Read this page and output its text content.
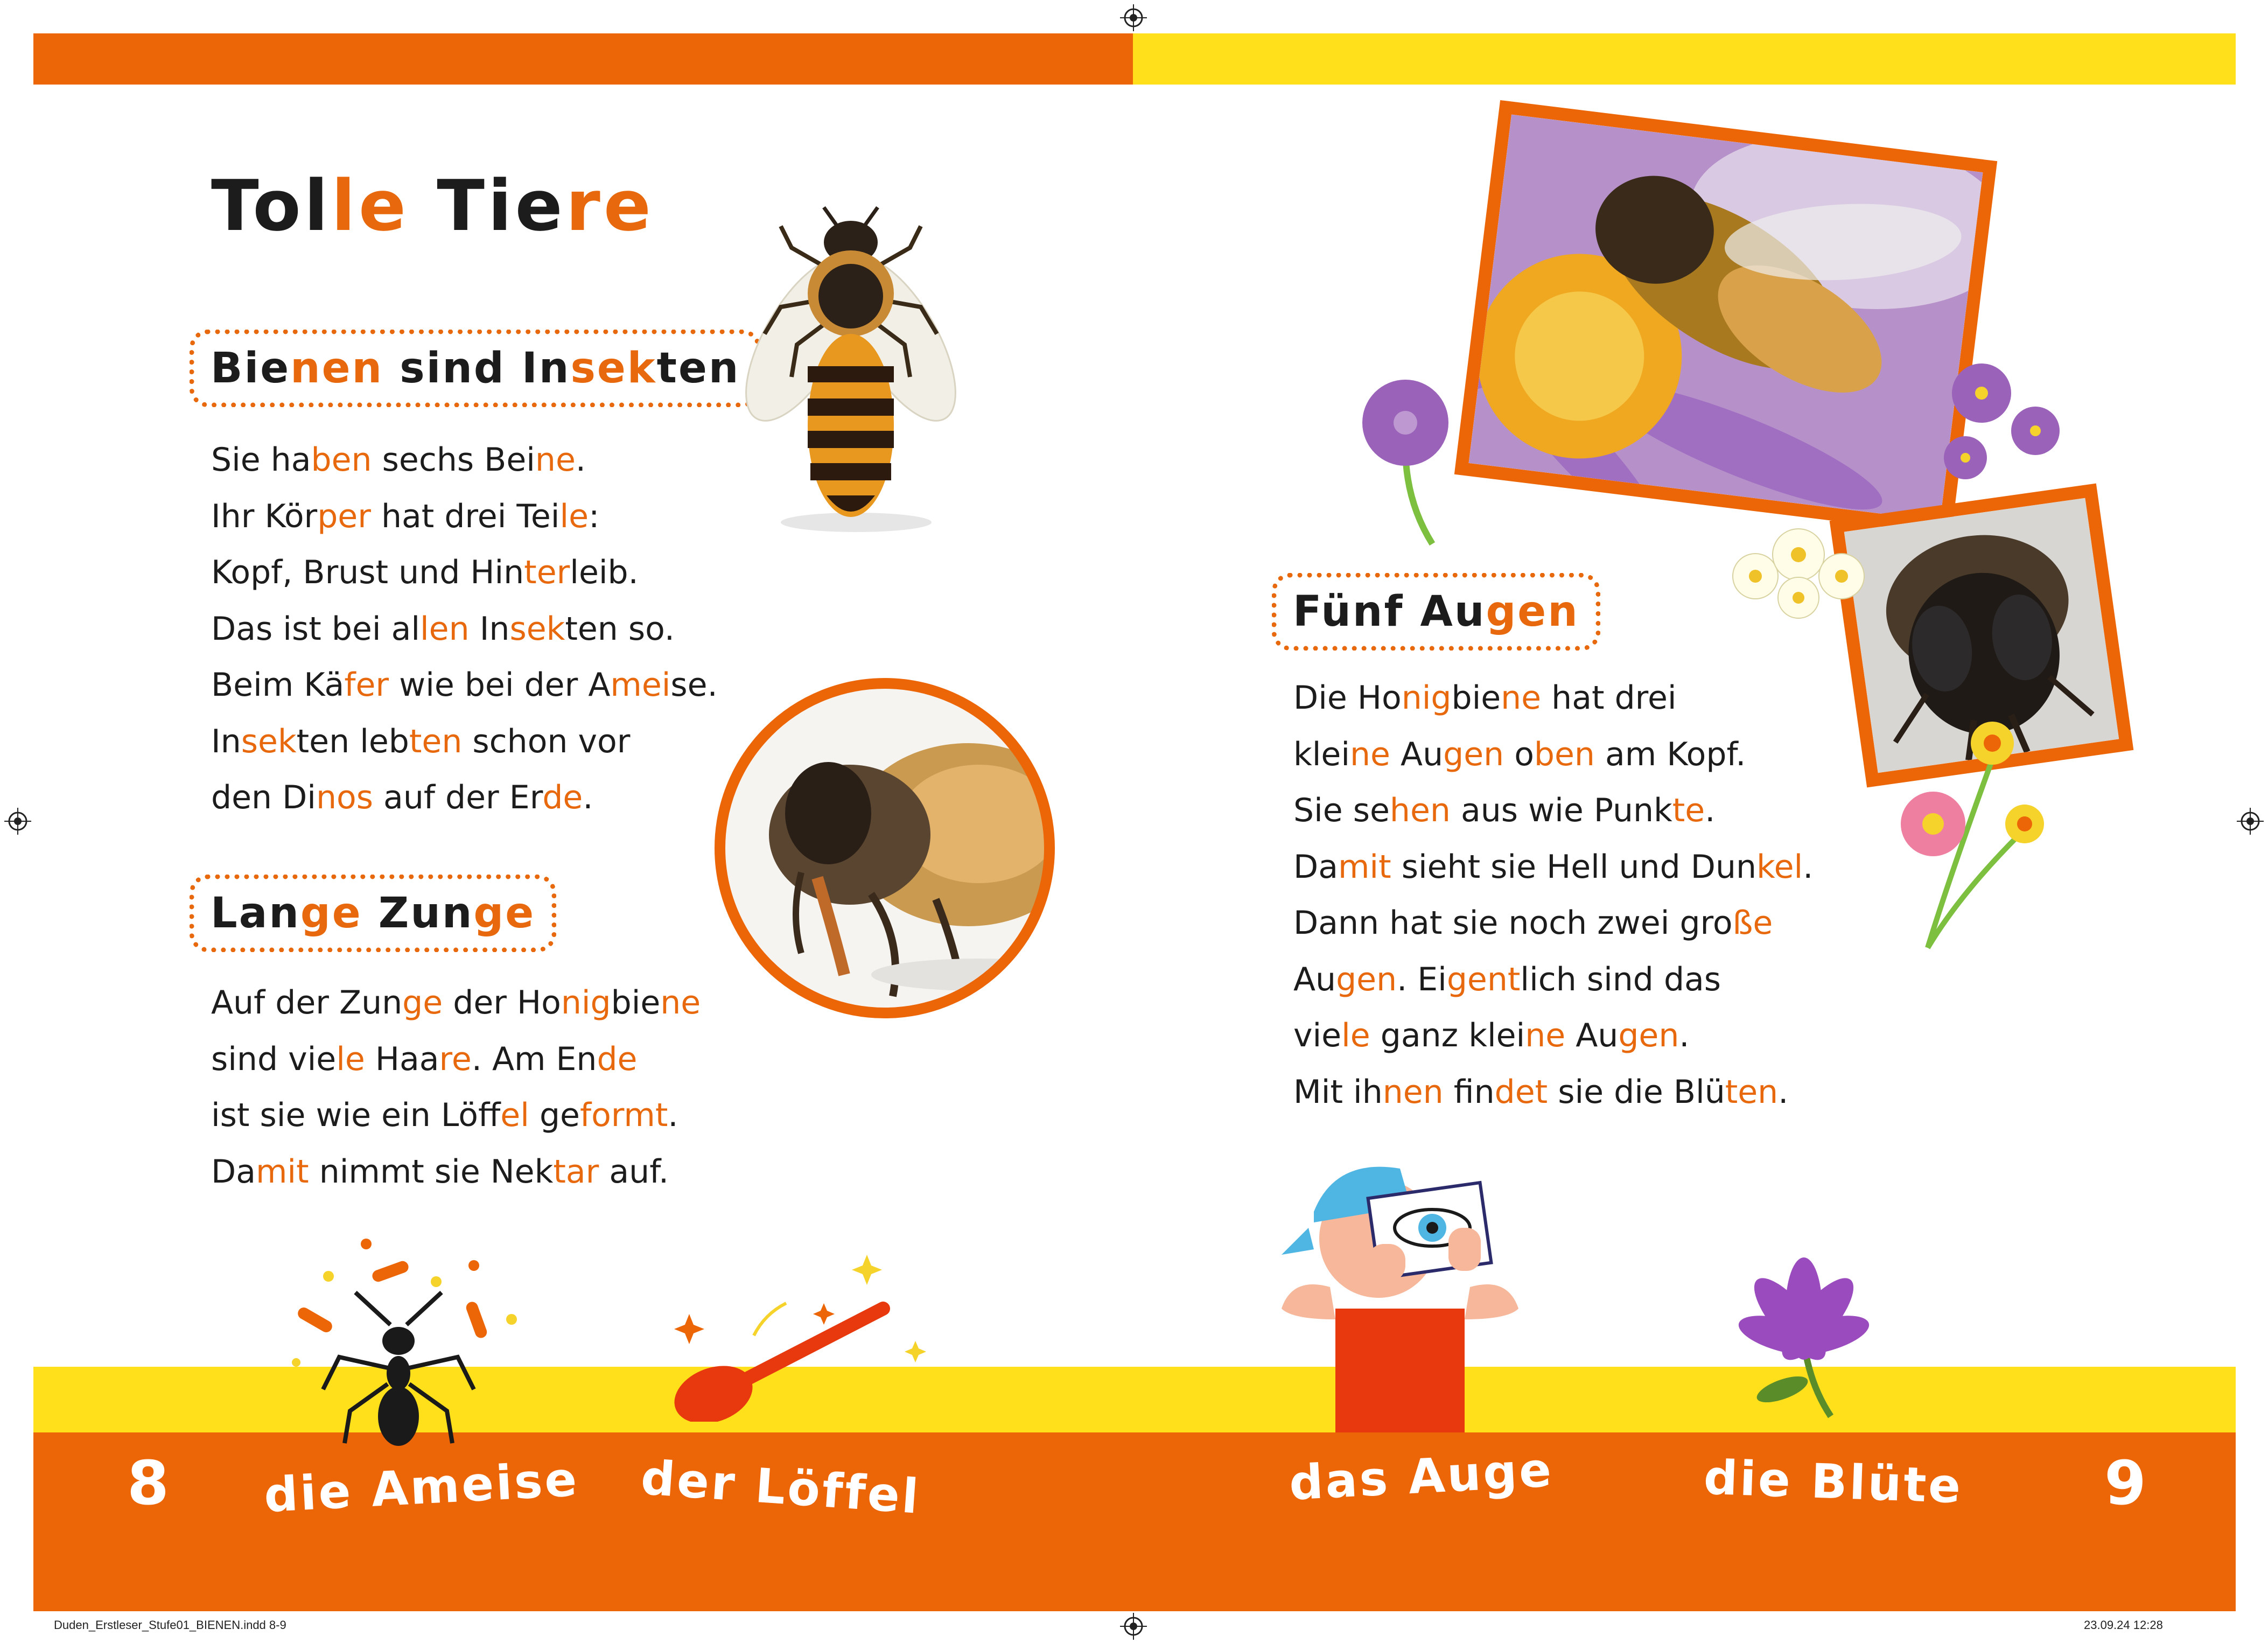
Tolle Tiere
Bienen sind Insekten
Sie haben sechs Beine.
Ihr Körper hat drei Teile:
Kopf, Brust und Hinterleib.
Das ist bei allen Insekten so.
Beim Käfer wie bei der Ameise.
Insekten lebten schon vor
den Dinos auf der Erde.
Lange Zunge
Auf der Zunge der Honigbiene
sind viele Haare. Am Ende
ist sie wie ein Löffel geformt.
Damit nimmt sie Nektar auf.
Fünf Augen
Die Honigbiene hat drei
kleine Augen oben am Kopf.
Sie sehen aus wie Punkte.
Damit sieht sie Hell und Dunkel.
Dann hat sie noch zwei große
Augen. Eigentlich sind das
viele ganz kleine Augen.
Mit ihnen findet sie die Blüten.
8	9
die Ameise der Löffel	das Auge	die Blüte
Duden_Erstleser_Stufe01_BIENEN.indd 8-9	23.09.24 12:28
